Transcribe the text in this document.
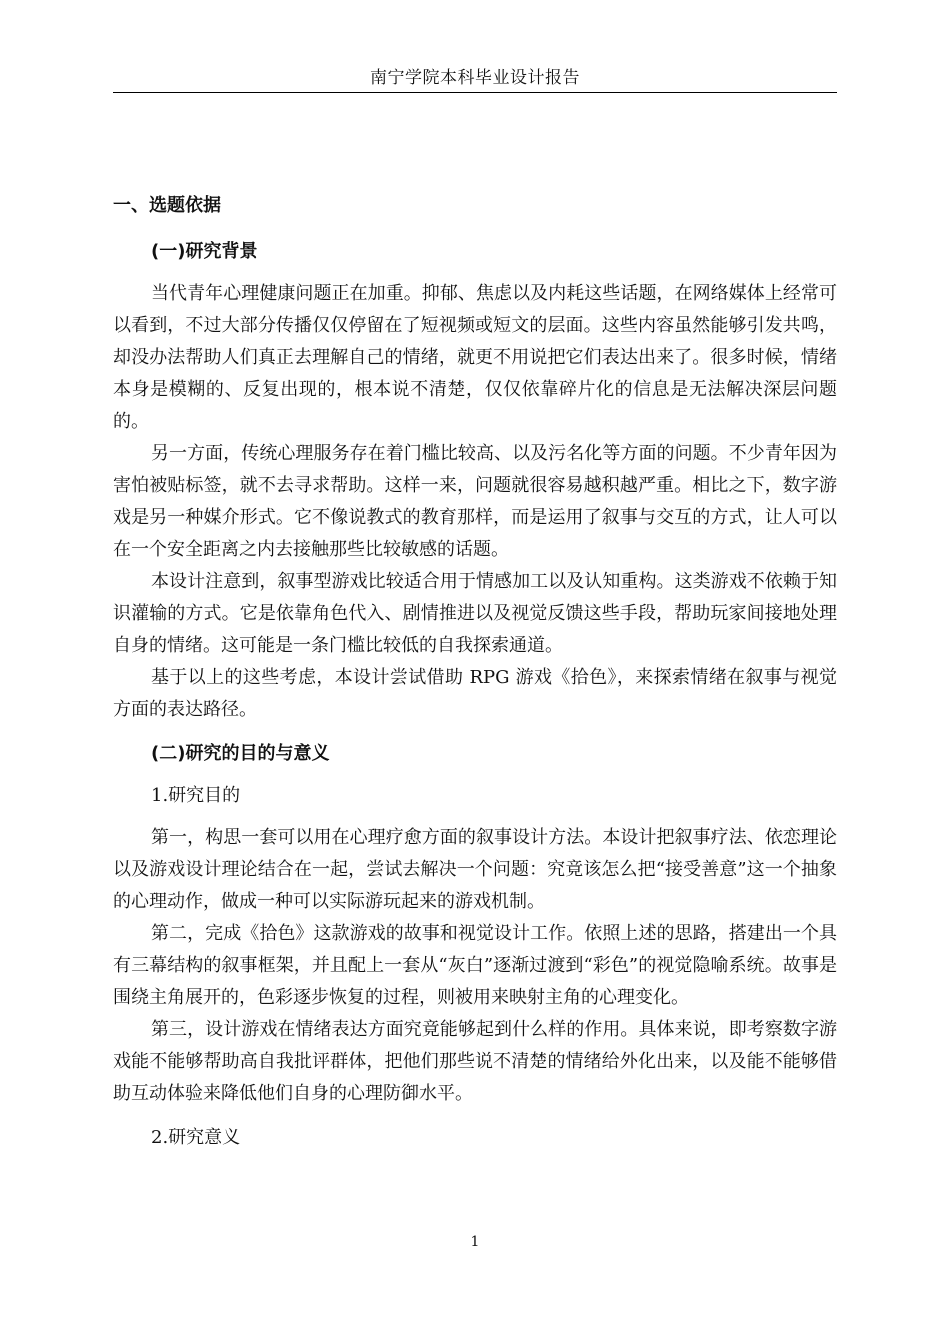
南宁学院本科毕业设计报告
一、选题依据
(一)研究背景

当代青年心理健康问题正在加重。抑郁、焦虑以及内耗这些话题，在网络媒体上经常可以看到，不过大部分传播仅仅停留在了短视频或短文的层面。这些内容虽然能够引发共鸣，却没办法帮助人们真正去理解自己的情绪，就更不用说把它们表达出来了。很多时候，情绪本身是模糊的、反复出现的，根本说不清楚，仅仅依靠碎片化的信息是无法解决深层问题的。

另一方面，传统心理服务存在着门槛比较高、以及污名化等方面的问题。不少青年因为害怕被贴标签，就不去寻求帮助。这样一来，问题就很容易越积越严重。相比之下，数字游戏是另一种媒介形式。它不像说教式的教育那样，而是运用了叙事与交互的方式，让人可以在一个安全距离之内去接触那些比较敏感的话题。

本设计注意到，叙事型游戏比较适合用于情感加工以及认知重构。这类游戏不依赖于知识灌输的方式。它是依靠角色代入、剧情推进以及视觉反馈这些手段，帮助玩家间接地处理自身的情绪。这可能是一条门槛比较低的自我探索通道。

基于以上的这些考虑，本设计尝试借助 RPG 游戏《拾色》，来探索情绪在叙事与视觉方面的表达路径。

(二)研究的目的与意义
1.研究目的

第一，构思一套可以用在心理疗愈方面的叙事设计方法。本设计把叙事疗法、依恋理论以及游戏设计理论结合在一起，尝试去解决一个问题：究竟该怎么把“接受善意”这一个抽象的心理动作，做成一种可以实际游玩起来的游戏机制。

第二，完成《拾色》这款游戏的故事和视觉设计工作。依照上述的思路，搭建出一个具有三幕结构的叙事框架，并且配上一套从“灰白”逐渐过渡到“彩色”的视觉隐喻系统。故事是围绕主角展开的，色彩逐步恢复的过程，则被用来映射主角的心理变化。

第三，设计游戏在情绪表达方面究竟能够起到什么样的作用。具体来说，即考察数字游戏能不能够帮助高自我批评群体，把他们那些说不清楚的情绪给外化出来，以及能不能够借助互动体验来降低他们自身的心理防御水平。

2.研究意义
1
